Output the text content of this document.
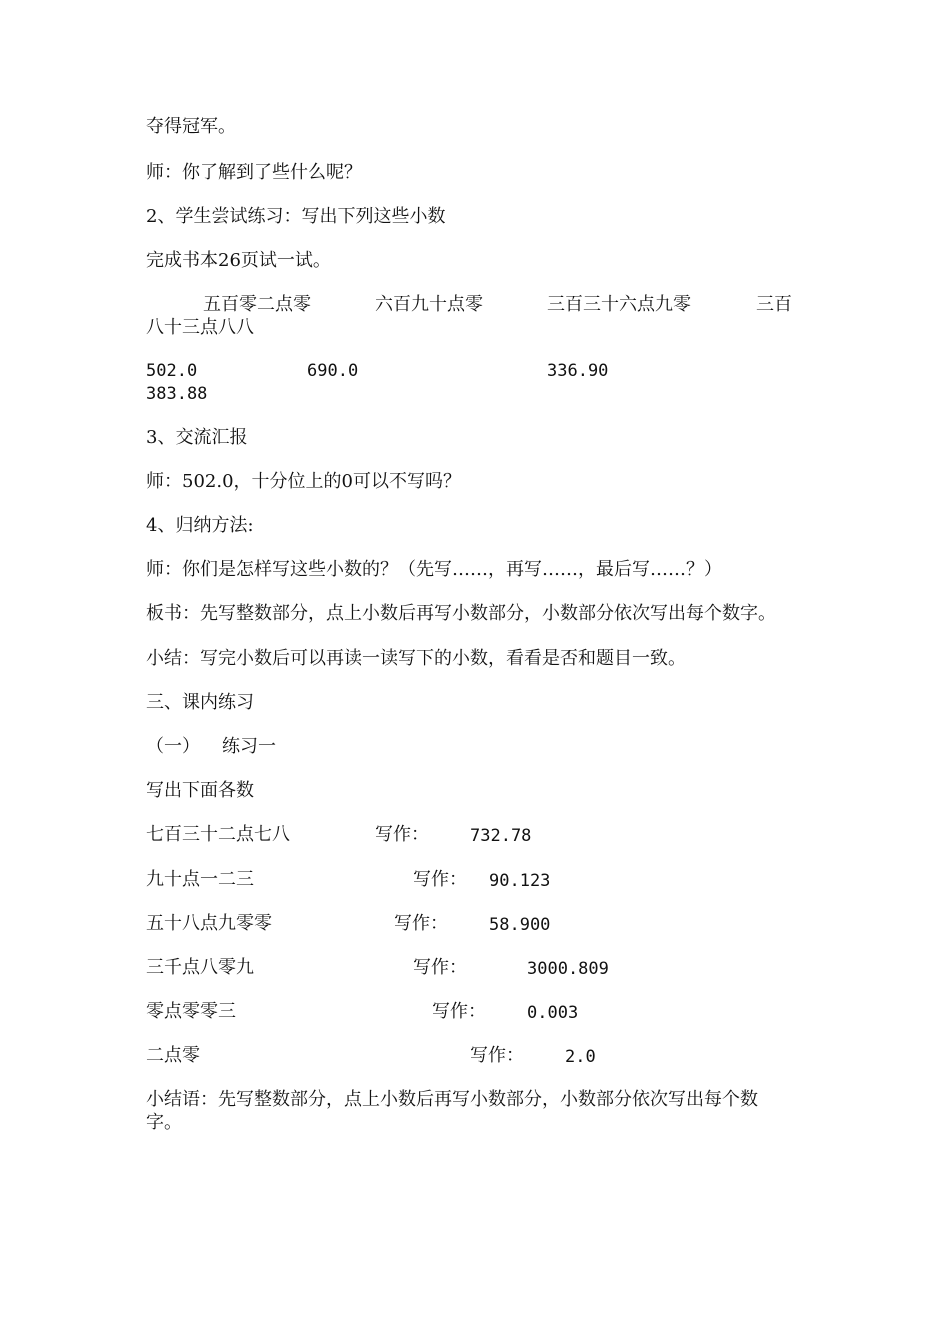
夺得冠军。
师：你了解到了些什么呢？
2、学生尝试练习：写出下列这些小数
完成书本26页试一试。
五百零二点零	六百九十点零	三百三十六点九零	三百
八十三点八八
502.0	690.0	336.90
383.88
3、交流汇报
师：502.0，十分位上的0可以不写吗？
4、归纳方法:
师：你们是怎样写这些小数的？（先写……，再写……，最后写……？）
板书：先写整数部分，点上小数后再写小数部分，小数部分依次写出每个数字。
小结：写完小数后可以再读一读写下的小数，看看是否和题目一致。
三、课内练习
（一） 练习一
写出下面各数
七百三十二点七八	写作： 732.78
九十点一二三	写作： 90.123
五十八点九零零	写作： 58.900
三千点八零九	写作：	3000.809
零点零零三	写作： 0.003
二点零	写作： 2.0
小结语：先写整数部分，点上小数后再写小数部分，小数部分依次写出每个数
字。
